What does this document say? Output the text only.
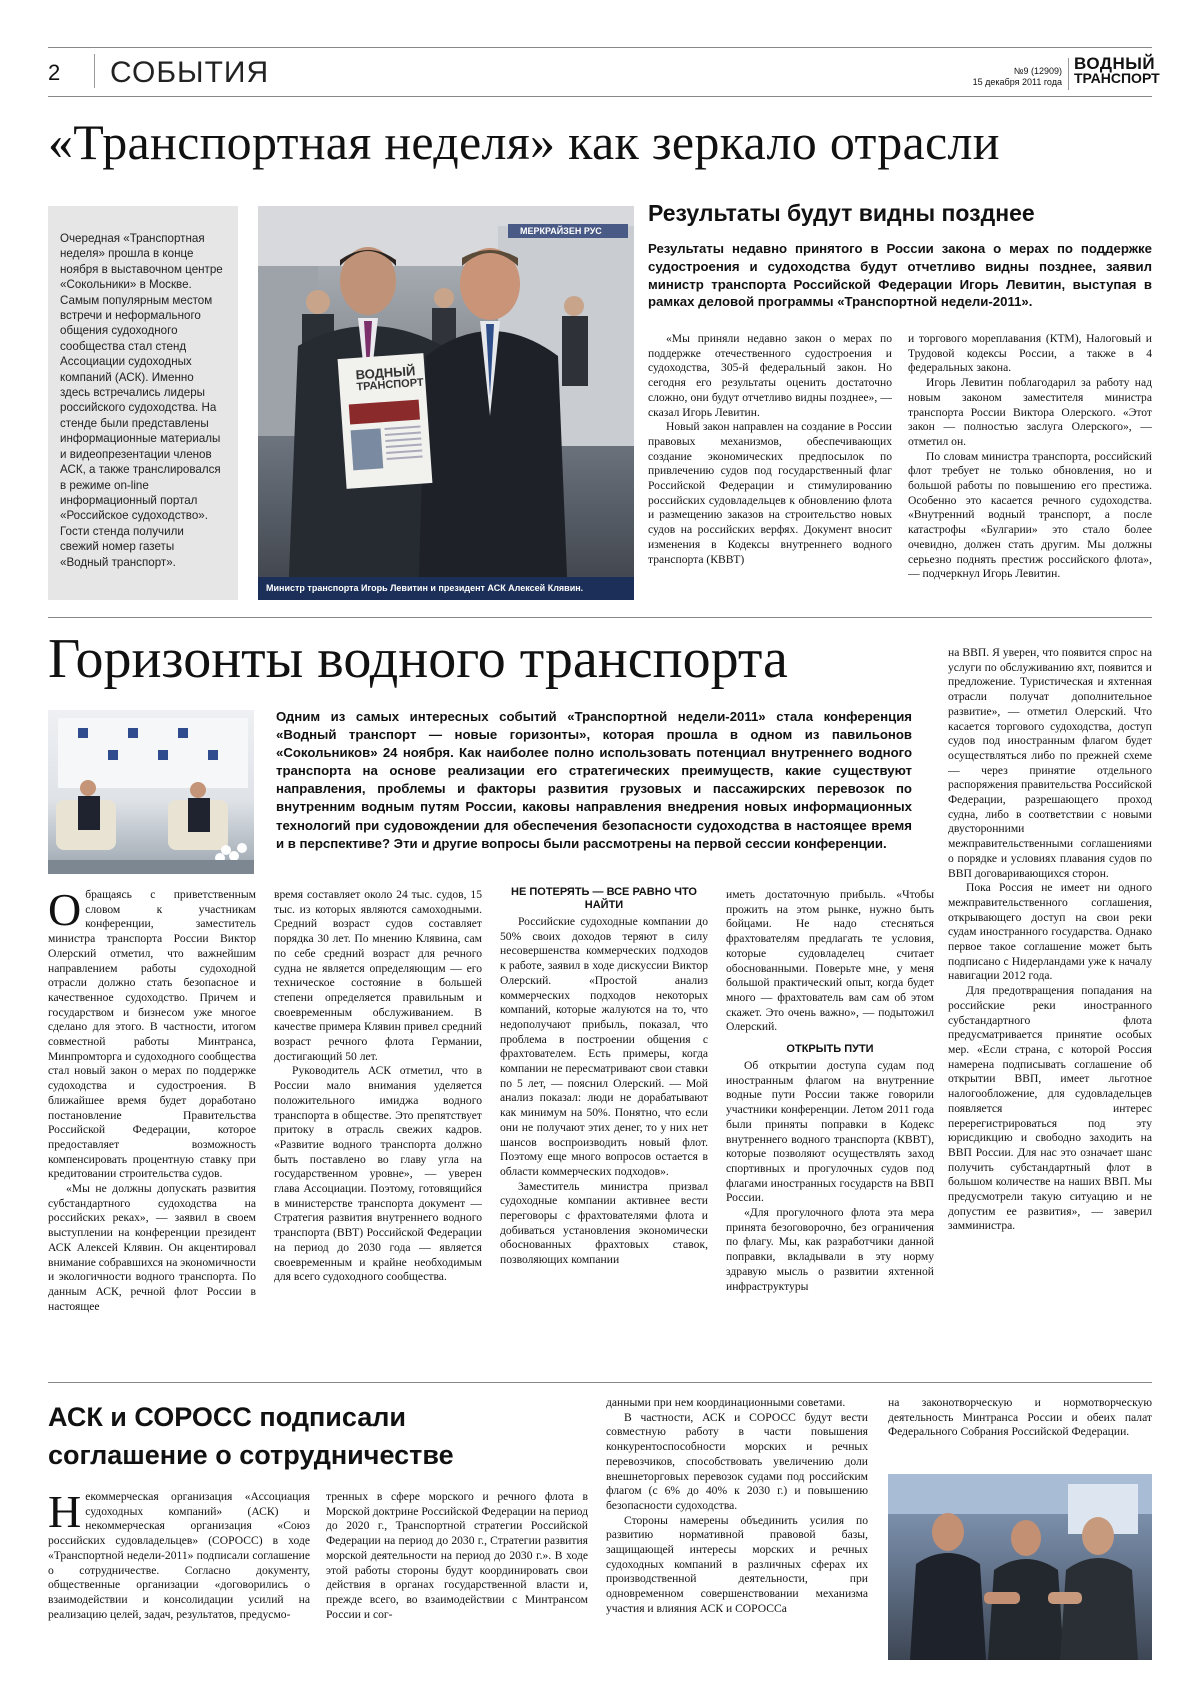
2 СОБЫТИЯ	№9 (12909)
15 декабря 2011 года
ВОДНЫЙ
ТРАНСПОРТ
«Транспортная неделя» как зеркало отрасли
Очередная «Транспортная неделя» прошла в конце ноября в выставочном центре «Сокольники» в Москве. Самым популярным местом встречи и неформального общения судоходного сообщества стал стенд Ассоциации судоходных компаний (АСК). Именно здесь встречались лидеры российского судоходства. На стенде были представлены информационные материалы и видеопрезентации членов АСК, а также транслировался в режиме on-line информационный портал «Российское судоходство». Гости стенда получили свежий номер газеты «Водный транспорт».
МЕРКРАЙЗЕН РУС
ВОДНЫЙ
ТРАНСПОРТ
Министр транспорта Игорь Левитин и президент АСК Алексей Клявин.
Результаты будут видны позднее
Результаты недавно принятого в России закона о мерах по поддержке судостроения и судоходства будут отчетливо видны позднее, заявил министр транспорта Российской Федерации Игорь Левитин, выступая в рамках деловой программы «Транспортной недели-2011».

«Мы приняли недавно закон о мерах по поддержке отечественного судостроения и судоходства, 305-й федеральный закон. Но сегодня его результаты оценить достаточно сложно, они будут отчетливо видны позднее», — сказал Игорь Левитин.

Новый закон направлен на создание в России правовых механизмов, обеспечивающих создание экономических предпосылок по привлечению судов под государственный флаг Российской Федерации и стимулированию российских судовладельцев к обновлению флота и размещению заказов на строительство новых судов на российских верфях. Документ вносит изменения в Кодексы внутреннего водного транспорта (КВВТ)

и торгового мореплавания (КТМ), Налоговый и Трудовой кодексы России, а также в 4 федеральных закона.

Игорь Левитин поблагодарил за работу над новым законом заместителя министра транспорта России Виктора Олерского. «Этот закон — полностью заслуга Олерского», — отметил он.

По словам министра транспорта, российский флот требует не только обновления, но и большой работы по повышению его престижа. Особенно это касается речного судоходства. «Внутренний водный транспорт, а после катастрофы «Булгарии» это стало более очевидно, должен стать другим. Мы должны серьезно поднять престиж российского флота», — подчеркнул Игорь Левитин.

Горизонты водного транспорта
Одним из самых интересных событий «Транспортной недели-2011» стала конференция «Водный транспорт — новые горизонты», которая прошла в одном из павильонов «Сокольников» 24 ноября. Как наиболее полно использовать потенциал внутреннего водного транспорта на основе реализации его стратегических преимуществ, какие существуют направления, проблемы и факторы развития грузовых и пассажирских перевозок по внутренним водным путям России, каковы направления внедрения новых информационных технологий при судовождении для обеспечения безопасности судоходства в настоящее время и в перспективе? Эти и другие вопросы были рассмотрены на первой сессии конференции.

Обращаясь с приветственным словом к участникам конференции, заместитель министра транспорта России Виктор Олерский отметил, что важнейшим направлением работы судоходной отрасли должно стать безопасное и качественное судоходство. Причем и государством и бизнесом уже многое сделано для этого. В частности, итогом совместной работы Минтранса, Минпромторга и судоходного сообщества стал новый закон о мерах по поддержке судоходства и судостроения. В ближайшее время будет доработано постановление Правительства Российской Федерации, которое предоставляет возможность компенсировать процентную ставку при кредитовании строительства судов.

«Мы не должны допускать развития субстандартного судоходства на российских реках», — заявил в своем выступлении на конференции президент АСК Алексей Клявин. Он акцентировал внимание собравшихся на экономичности и экологичности водного транспорта. По данным АСК, речной флот России в настоящее

время составляет около 24 тыс. судов, 15 тыс. из которых являются самоходными. Средний возраст судов составляет порядка 30 лет. По мнению Клявина, сам по себе средний возраст для речного судна не является определяющим — его техническое состояние в большей степени определяется правильным и своевременным обслуживанием. В качестве примера Клявин привел средний возраст речного флота Германии, достигающий 50 лет.

Руководитель АСК отметил, что в России мало внимания уделяется положительного имиджа водного транспорта в обществе. Это препятствует притоку в отрасль свежих кадров. «Развитие водного транспорта должно быть поставлено во главу угла на государственном уровне», — уверен глава Ассоциации. Поэтому, готовящийся в министерстве транспорта документ — Стратегия развития внутреннего водного транспорта (ВВТ) Российской Федерации на период до 2030 года — является своевременным и крайне необходимым для всего судоходного сообщества.

НЕ ПОТЕРЯТЬ — ВСЕ РАВНО ЧТО НАЙТИ

Российские судоходные компании до 50% своих доходов теряют в силу несовершенства коммерческих подходов к работе, заявил в ходе дискуссии Виктор Олерский. «Простой анализ коммерческих подходов некоторых компаний, которые жалуются на то, что недополучают прибыль, показал, что проблема в построении общения с фрахтователем. Есть примеры, когда компании не пересматривают свои ставки по 5 лет, — пояснил Олерский. — Мой анализ показал: люди не дорабатывают как минимум на 50%. Понятно, что если они не получают этих денег, то у них нет шансов воспроизводить новый флот. Поэтому еще много вопросов остается в области коммерческих подходов».

Заместитель министра призвал судоходные компании активнее вести переговоры с фрахтователями флота и добиваться установления экономически обоснованных фрахтовых ставок, позволяющих компании

иметь достаточную прибыль. «Чтобы прожить на этом рынке, нужно быть бойцами. Не надо стесняться фрахтователям предлагать те условия, которые судовладелец считает обоснованными. Поверьте мне, у меня большой практический опыт, когда будет много — фрахтователь вам сам об этом скажет. Это очень важно», — подытожил Олерский.

ОТКРЫТЬ ПУТИ

Об открытии доступа судам под иностранным флагом на внутренние водные пути России также говорили участники конференции. Летом 2011 года были приняты поправки в Кодекс внутреннего водного транспорта (КВВТ), которые позволяют осуществлять заход спортивных и прогулочных судов под флагами иностранных государств на ВВП России.

«Для прогулочного флота эта мера принята безоговорочно, без ограничения по флагу. Мы, как разработчики данной поправки, вкладывали в эту норму здравую мысль о развитии яхтенной инфраструктуры

на ВВП. Я уверен, что появится спрос на услуги по обслуживанию яхт, появится и предложение. Туристическая и яхтенная отрасли получат дополнительное развитие», — отметил Олерский. Что касается торгового судоходства, доступ судов под иностранным флагом будет осуществляться либо по прежней схеме — через принятие отдельного распоряжения правительства Российской Федерации, разрешающего проход судна, либо в соответствии с новыми двусторонними межправительственными соглашениями о порядке и условиях плавания судов по ВВП договаривающихся сторон.

Пока Россия не имеет ни одного межправительственного соглашения, открывающего доступ на свои реки судам иностранного государства. Однако первое такое соглашение может быть подписано с Нидерландами уже к началу навигации 2012 года.

Для предотвращения попадания на российские реки иностранного субстандартного флота предусматривается принятие особых мер. «Если страна, с которой Россия намерена подписывать соглашение об открытии ВВП, имеет льготное налогообложение, для судовладельцев появляется интерес перерегистрироваться под эту юрисдикцию и свободно заходить на ВВП России. Для нас это означает шанс получить субстандартный флот в большом количестве на наших ВВП. Мы предусмотрели такую ситуацию и не допустим ее развития», — заверил замминистра.

АСК и СОРОСС подписали
соглашение о сотрудничестве

Некоммерческая организация «Ассоциация судоходных компаний» (АСК) и некоммерческая организация «Союз российских судовладельцев» (СОРОСС) в ходе «Транспортной недели-2011» подписали соглашение о сотрудничестве. Согласно документу, общественные организации «договорились о взаимодействии и консолидации усилий на реализацию целей, задач, результатов, предусмо-

тренных в сфере морского и речного флота в Морской доктрине Российской Федерации на период до 2020 г., Транспортной стратегии Российской Федерации на период до 2030 г., Стратегии развития морской деятельности на период до 2030 г.». В ходе этой работы стороны будут координировать свои действия в органах государственной власти и, прежде всего, во взаимодействии с Минтрансом России и сог-

данными при нем координационными советами.

В частности, АСК и СОРОСС будут вести совместную работу в части повышения конкурентоспособности морских и речных перевозчиков, способствовать увеличению доли внешнеторговых перевозок судами под российским флагом (с 6% до 40% к 2030 г.) и повышению безопасности судоходства.

Стороны намерены объединить усилия по развитию нормативной правовой базы, защищающей интересы морских и речных судоходных компаний в различных сферах их производственной деятельности, при одновременном совершенствовании механизма участия и влияния АСК и СОРОССа

на законотворческую и нормотворческую деятельность Минтранса России и обеих палат Федерального Собрания Российской Федерации.
